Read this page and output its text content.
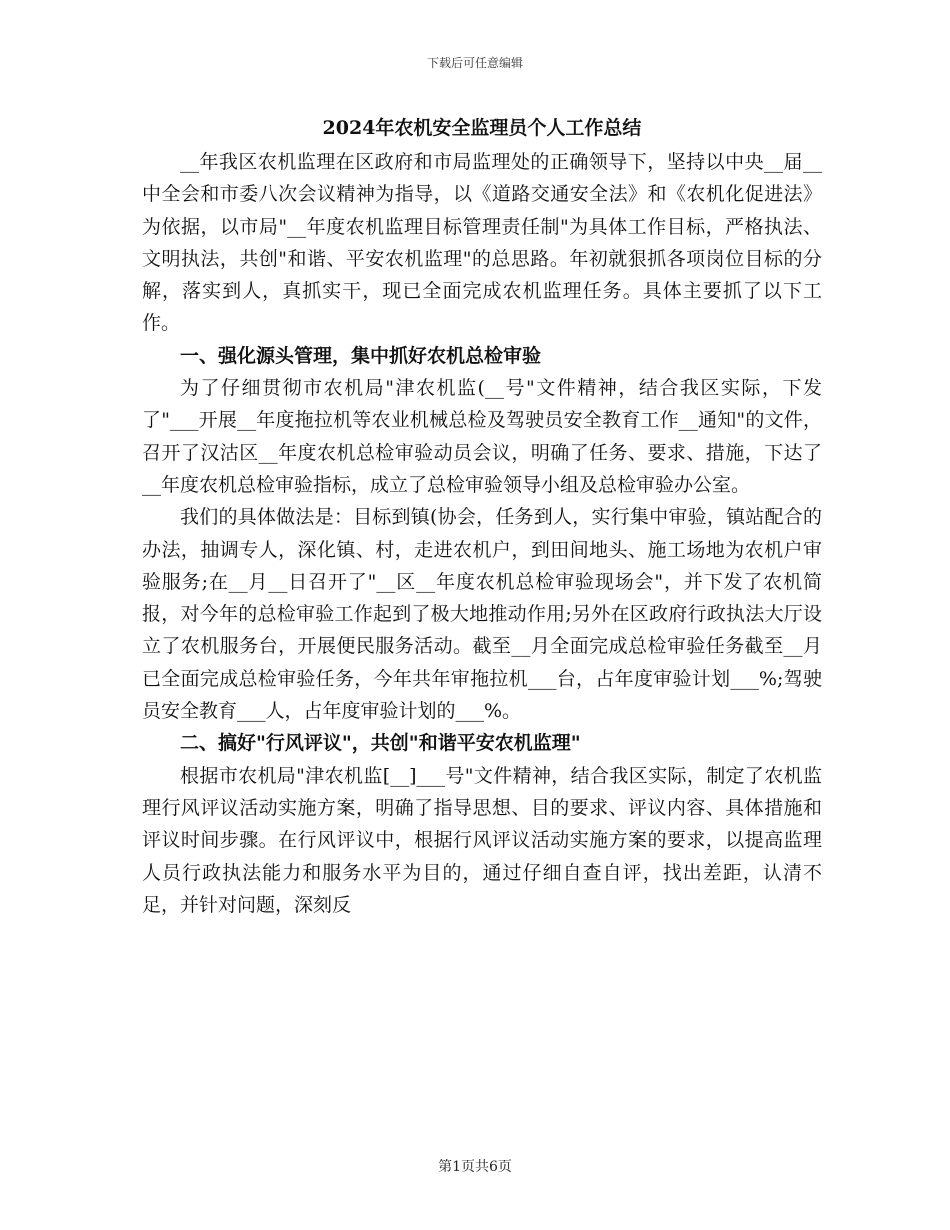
下载后可任意编辑
2024年农机安全监理员个人工作总结

__年我区农机监理在区政府和市局监理处的正确领导下，坚持以中央__届__中全会和市委八次会议精神为指导，以《道路交通安全法》和《农机化促进法》为依据，以市局"__年度农机监理目标管理责任制"为具体工作目标，严格执法、文明执法，共创"和谐、平安农机监理"的总思路。年初就狠抓各项岗位目标的分解，落实到人，真抓实干，现已全面完成农机监理任务。具体主要抓了以下工作。

一、强化源头管理，集中抓好农机总检审验

为了仔细贯彻市农机局"津农机监(__号"文件精神，结合我区实际，下发了"___开展__年度拖拉机等农业机械总检及驾驶员安全教育工作__通知"的文件，召开了汉沽区__年度农机总检审验动员会议，明确了任务、要求、措施，下达了__年度农机总检审验指标，成立了总检审验领导小组及总检审验办公室。

我们的具体做法是：目标到镇(协会，任务到人，实行集中审验，镇站配合的办法，抽调专人，深化镇、村，走进农机户，到田间地头、施工场地为农机户审验服务;在__月__日召开了"__区__年度农机总检审验现场会"，并下发了农机简报，对今年的总检审验工作起到了极大地推动作用;另外在区政府行政执法大厅设立了农机服务台，开展便民服务活动。截至__月全面完成总检审验任务截至__月已全面完成总检审验任务，今年共年审拖拉机___台，占年度审验计划___%;驾驶员安全教育___人，占年度审验计划的___%。

二、搞好"行风评议"，共创"和谐平安农机监理"

根据市农机局"津农机监[__]___号"文件精神，结合我区实际，制定了农机监理行风评议活动实施方案，明确了指导思想、目的要求、评议内容、具体措施和评议时间步骤。在行风评议中，根据行风评议活动实施方案的要求，以提高监理人员行政执法能力和服务水平为目的，通过仔细自查自评，找出差距，认清不足，并针对问题，深刻反

第1页共6页
